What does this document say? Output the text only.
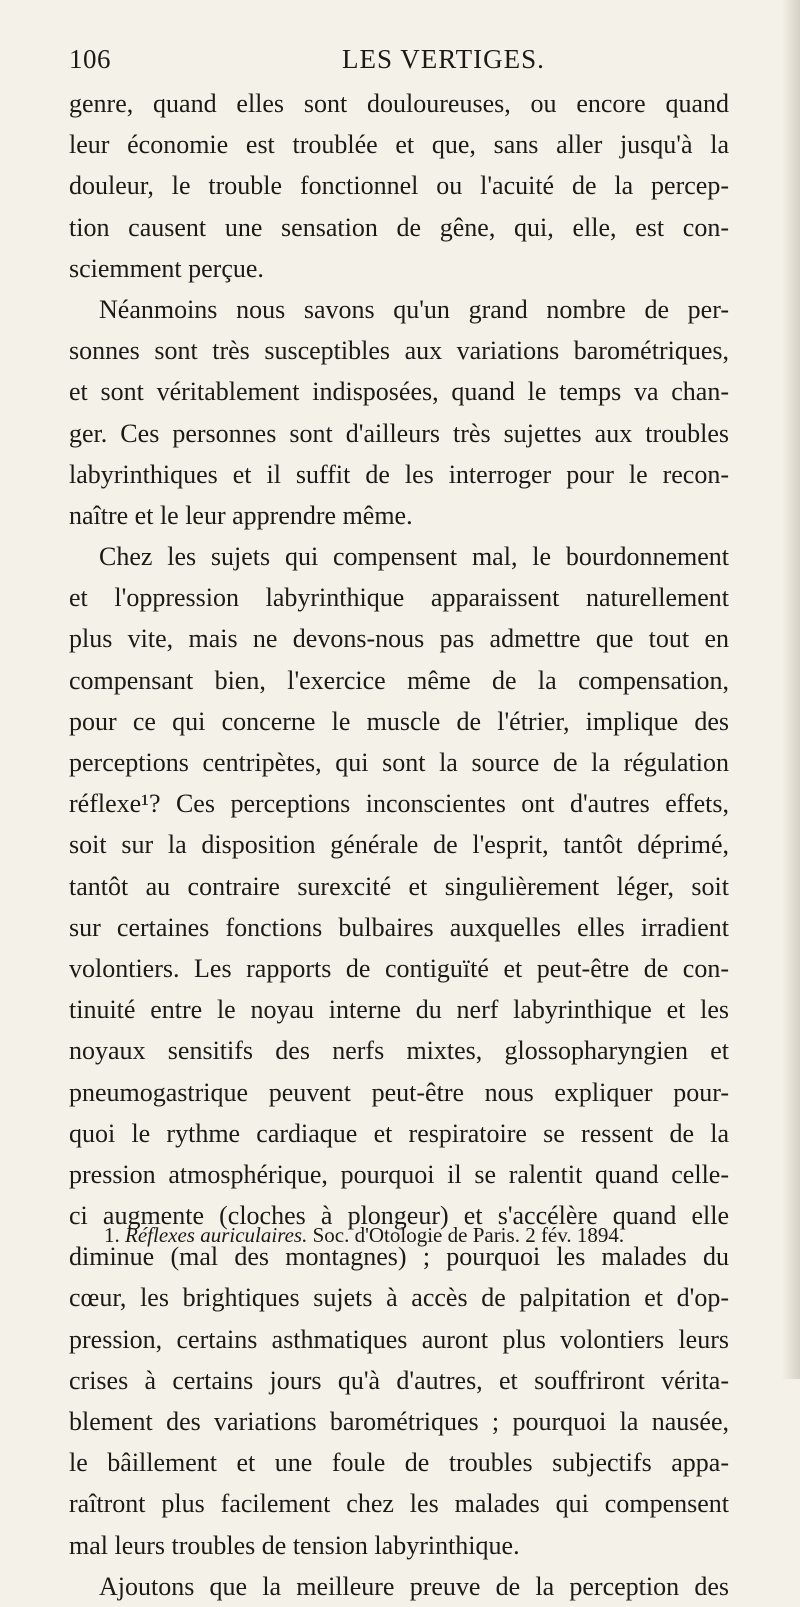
106	LES VERTIGES.
genre, quand elles sont douloureuses, ou encore quand
leur économie est troublée et que, sans aller jusqu'à la
douleur, le trouble fonctionnel ou l'acuité de la percep-
tion causent une sensation de gêne, qui, elle, est con-
sciemment perçue.
Néanmoins nous savons qu'un grand nombre de per-
sonnes sont très susceptibles aux variations barométriques,
et sont véritablement indisposées, quand le temps va chan-
ger. Ces personnes sont d'ailleurs très sujettes aux troubles
labyrinthiques et il suffit de les interroger pour le recon-
naître et le leur apprendre même.
Chez les sujets qui compensent mal, le bourdonnement
et l'oppression labyrinthique apparaissent naturellement
plus vite, mais ne devons-nous pas admettre que tout en
compensant bien, l'exercice même de la compensation,
pour ce qui concerne le muscle de l'étrier, implique des
perceptions centripètes, qui sont la source de la régulation
réflexe¹? Ces perceptions inconscientes ont d'autres effets,
soit sur la disposition générale de l'esprit, tantôt déprimé,
tantôt au contraire surexcité et singulièrement léger, soit
sur certaines fonctions bulbaires auxquelles elles irradient
volontiers. Les rapports de contiguïté et peut-être de con-
tinuité entre le noyau interne du nerf labyrinthique et les
noyaux sensitifs des nerfs mixtes, glossopharyngien et
pneumogastrique peuvent peut-être nous expliquer pour-
quoi le rythme cardiaque et respiratoire se ressent de la
pression atmosphérique, pourquoi il se ralentit quand celle-
ci augmente (cloches à plongeur) et s'accélère quand elle
diminue (mal des montagnes) ; pourquoi les malades du
cœur, les brightiques sujets à accès de palpitation et d'op-
pression, certains asthmatiques auront plus volontiers leurs
crises à certains jours qu'à d'autres, et souffriront vérita-
blement des variations barométriques ; pourquoi la nausée,
le bâillement et une foule de troubles subjectifs appa-
raîtront plus facilement chez les malades qui compensent
mal leurs troubles de tension labyrinthique.
Ajoutons que la meilleure preuve de la perception des
1. Réflexes auriculaires. Soc. d'Otologie de Paris. 2 fév. 1894.
